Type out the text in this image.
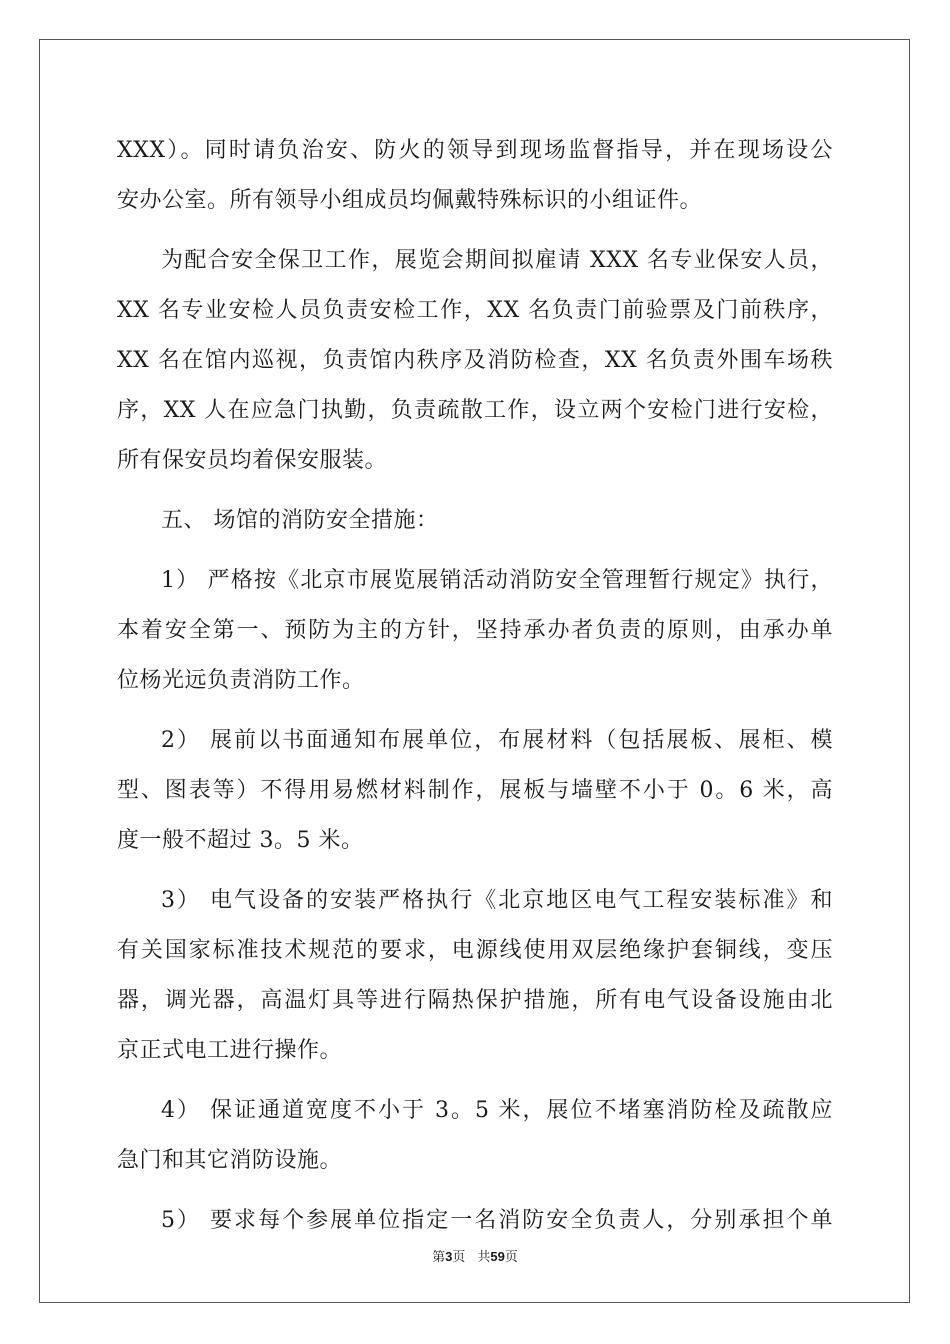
XXX）。同时请负治安、防火的领导到现场监督指导，并在现场设公
安办公室。所有领导小组成员均佩戴特殊标识的小组证件。
为配合安全保卫工作，展览会期间拟雇请 XXX 名专业保安人员，
XX 名专业安检人员负责安检工作，XX 名负责门前验票及门前秩序，
XX 名在馆内巡视，负责馆内秩序及消防检查，XX 名负责外围车场秩
序，XX 人在应急门执勤，负责疏散工作，设立两个安检门进行安检，
所有保安员均着保安服装。
五、 场馆的消防安全措施：
1） 严格按《北京市展览展销活动消防安全管理暂行规定》执行，
本着安全第一、预防为主的方针，坚持承办者负责的原则，由承办单
位杨光远负责消防工作。
2） 展前以书面通知布展单位，布展材料（包括展板、展柜、模
型、图表等）不得用易燃材料制作，展板与墙壁不小于 0。6 米，高
度一般不超过 3。5 米。
3） 电气设备的安装严格执行《北京地区电气工程安装标准》和
有关国家标准技术规范的要求，电源线使用双层绝缘护套铜线，变压
器，调光器，高温灯具等进行隔热保护措施，所有电气设备设施由北
京正式电工进行操作。
4） 保证通道宽度不小于 3。5 米，展位不堵塞消防栓及疏散应
急门和其它消防设施。
5） 要求每个参展单位指定一名消防安全负责人，分别承担个单
第3页 共59页
